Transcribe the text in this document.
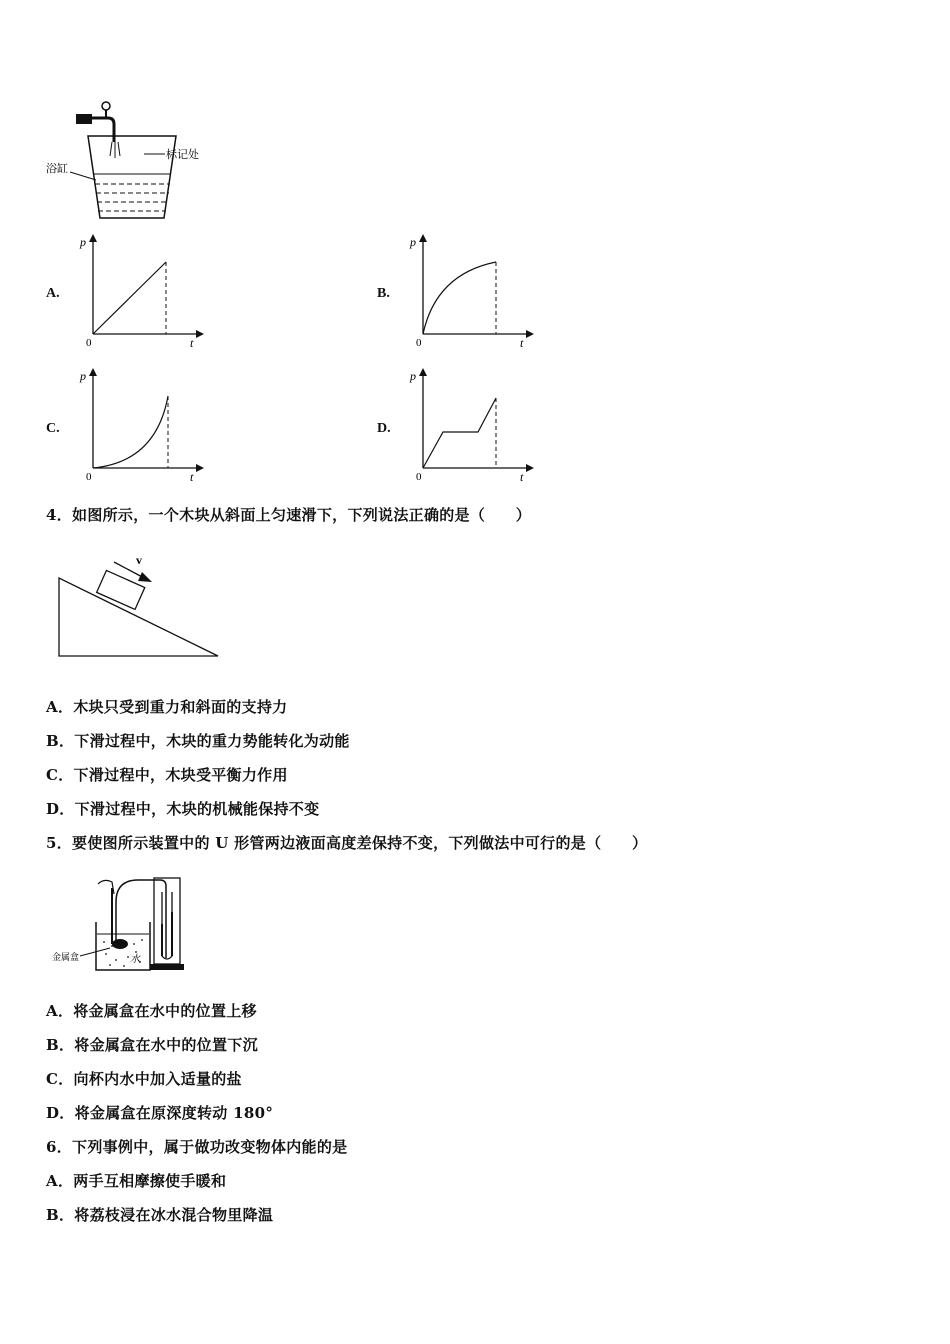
标记处
浴缸
A.	B.
C.	D.
p
0	t
p
0	t
p
0	t
p
0	t
4．如图所示，一个木块从斜面上匀速滑下，下列说法正确的是（　　）
v
A．木块只受到重力和斜面的支持力
B．下滑过程中，木块的重力势能转化为动能
C．下滑过程中，木块受平衡力作用
D．下滑过程中，木块的机械能保持不变
5．要使图所示装置中的 U 形管两边液面高度差保持不变，下列做法中可行的是（　　）
金属盒	水
A．将金属盒在水中的位置上移
B．将金属盒在水中的位置下沉
C．向杯内水中加入适量的盐
D．将金属盒在原深度转动 180°
6．下列事例中，属于做功改变物体内能的是
A．两手互相摩擦使手暖和
B．将荔枝浸在冰水混合物里降温
